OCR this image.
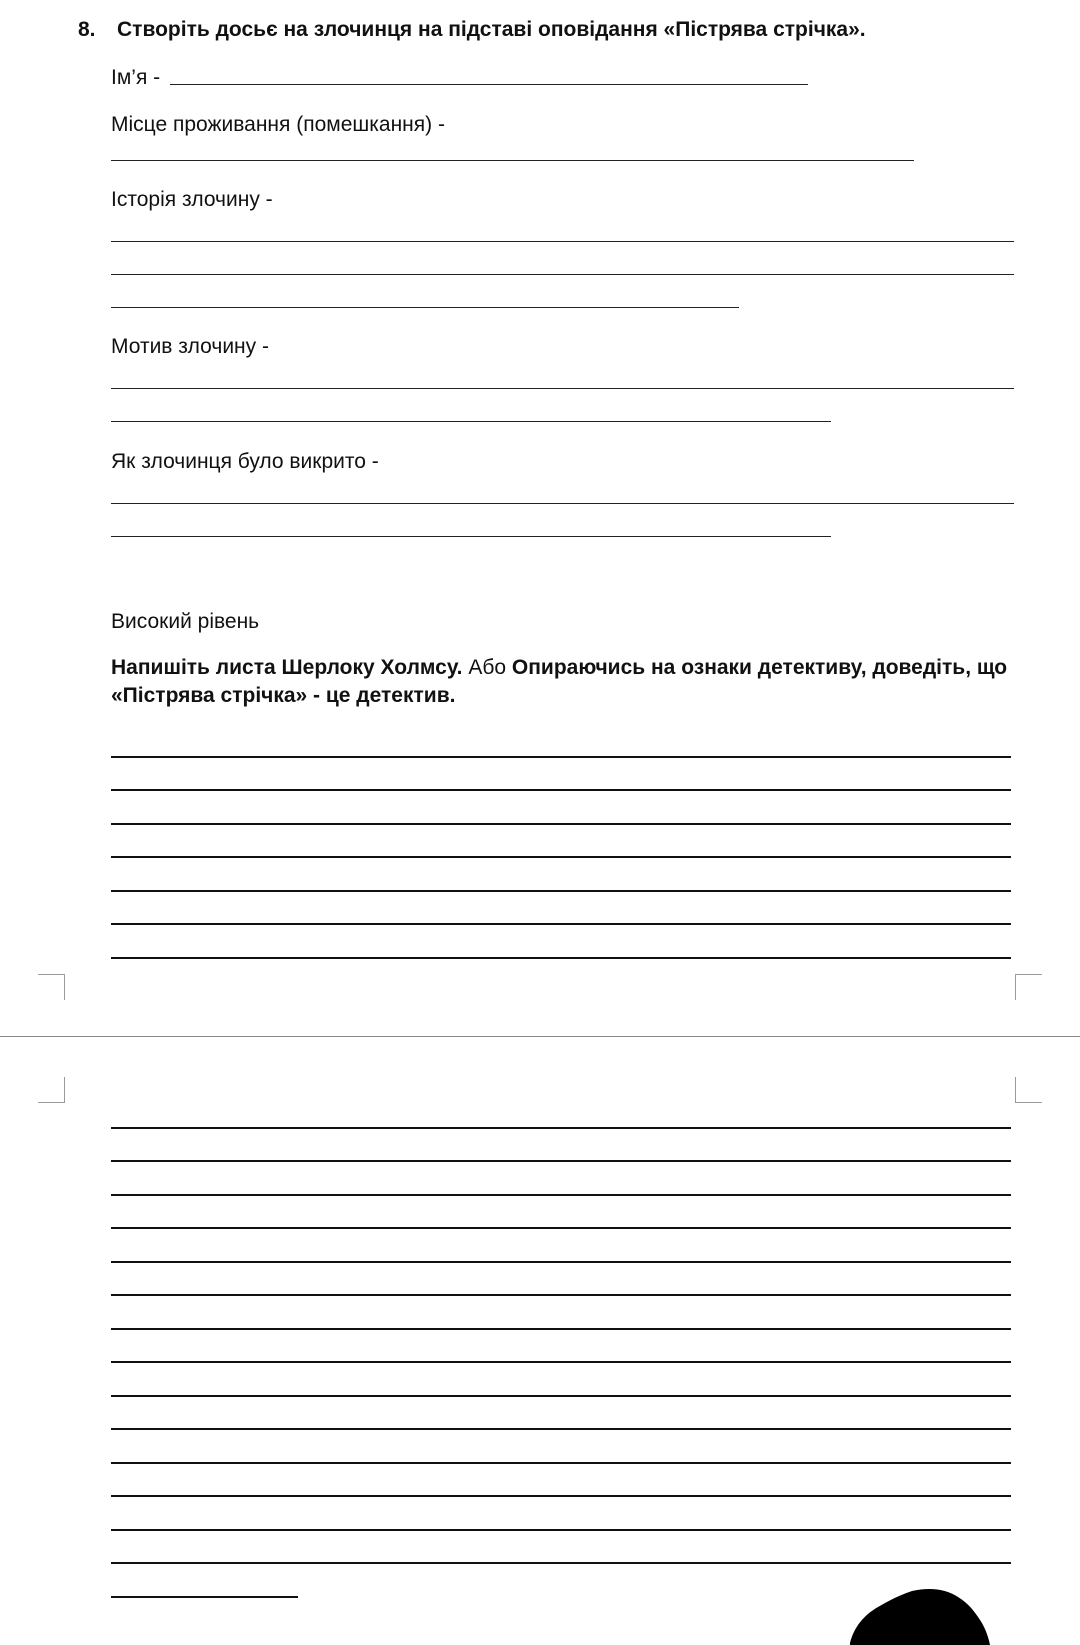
8. Створіть досьє на злочинця на підставі оповідання «Пістрява стрічка».
Ім’я -
Місце проживання (помешкання) -
Історія злочину -
Мотив злочину -
Як злочинця було викрито -
Високий рівень
Напишіть листа Шерлоку Холмсу. Або Опираючись на ознаки детективу, доведіть, що «Пістрява стрічка» - це детектив.
